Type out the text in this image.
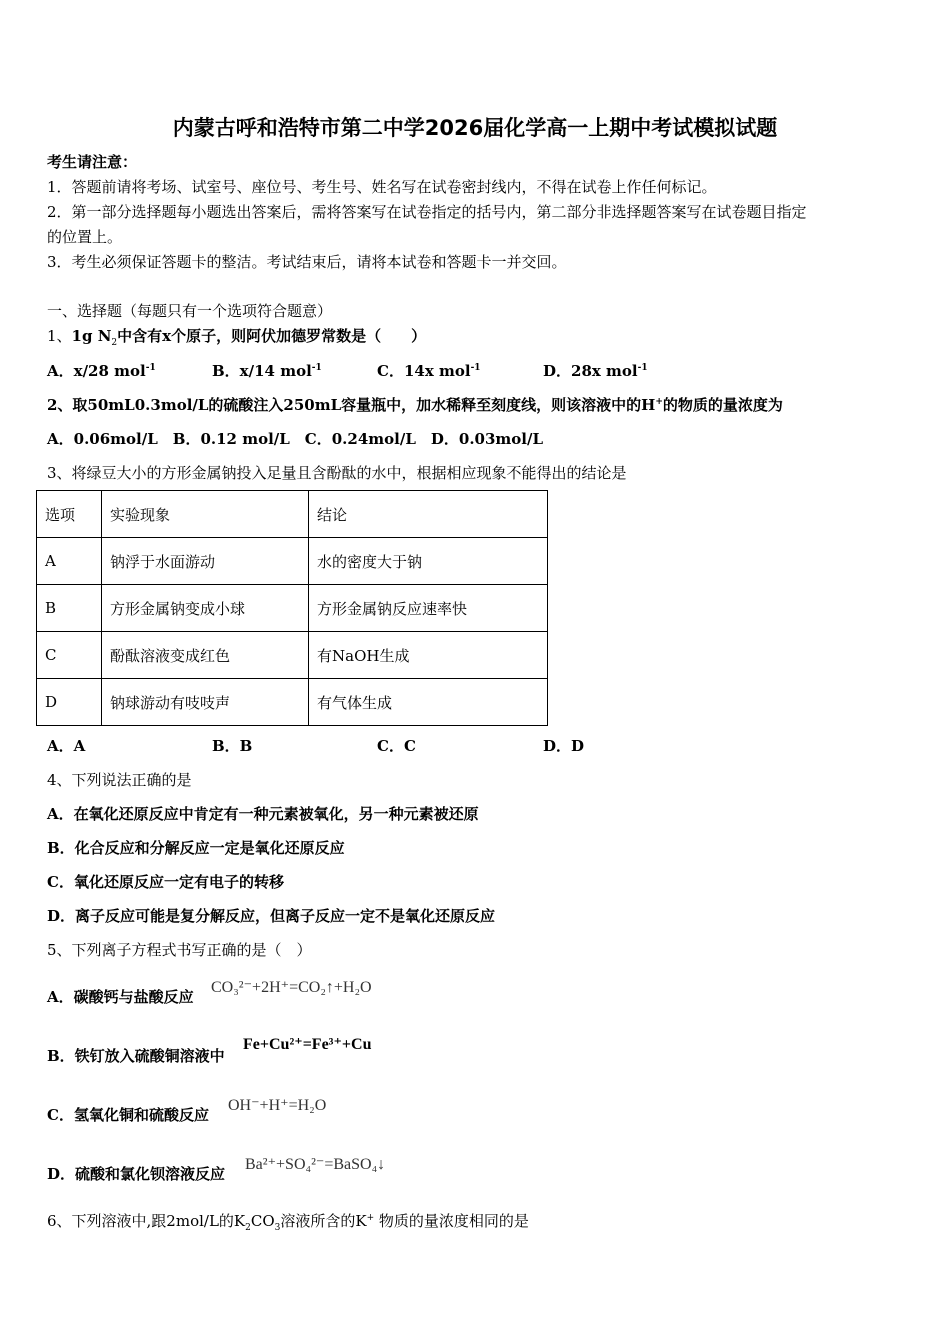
内蒙古呼和浩特市第二中学2026届化学高一上期中考试模拟试题
考生请注意：
1．答题前请将考场、试室号、座位号、考生号、姓名写在试卷密封线内，不得在试卷上作任何标记。
2．第一部分选择题每小题选出答案后，需将答案写在试卷指定的括号内，第二部分非选择题答案写在试卷题目指定
的位置上。
3．考生必须保证答题卡的整洁。考试结束后，请将本试卷和答题卡一并交回。
一、选择题（每题只有一个选项符合题意）
1、1g $N_2$中含有x个原子，则阿伏加德罗常数是（　　）
A．x/28 mol$^{-1}$	B．x/14 mol$^{-1}$	C．14x mol$^{-1}$	D．28x mol$^{-1}$
2、取50mL0.3mol/L的硫酸注入250mL容量瓶中，加水稀释至刻度线，则该溶液中的H+的物质的量浓度为
A．0.06mol/L　B．0.12 mol/L　C．0.24mol/L　D．0.03mol/L
3、将绿豆大小的方形金属钠投入足量且含酚酞的水中，根据相应现象不能得出的结论是
选项	实验现象	结论
A	钠浮于水面游动	水的密度大于钠
B	方形金属钠变成小球	方形金属钠反应速率快
C	酚酞溶液变成红色	有NaOH生成
D	钠球游动有吱吱声	有气体生成
A．A	B．B	C．C	D．D
4、下列说法正确的是
A．在氧化还原反应中肯定有一种元素被氧化，另一种元素被还原
B．化合反应和分解反应一定是氧化还原反应
C．氧化还原反应一定有电子的转移
D．离子反应可能是复分解反应，但离子反应一定不是氧化还原反应
5、下列离子方程式书写正确的是（　）
A．碳酸钙与盐酸反应
CO₃²⁻+2H⁺=CO₂↑+H₂O
B．铁钉放入硫酸铜溶液中
Fe+Cu²⁺=Fe³⁺+Cu
C．氢氧化铜和硫酸反应
OH⁻+H⁺=H₂O
D．硫酸和氯化钡溶液反应
Ba²⁺+SO₄²⁻=BaSO₄↓
6、下列溶液中,跟2mol/L的$K_2CO_3$溶液所含的K+ 物质的量浓度相同的是
